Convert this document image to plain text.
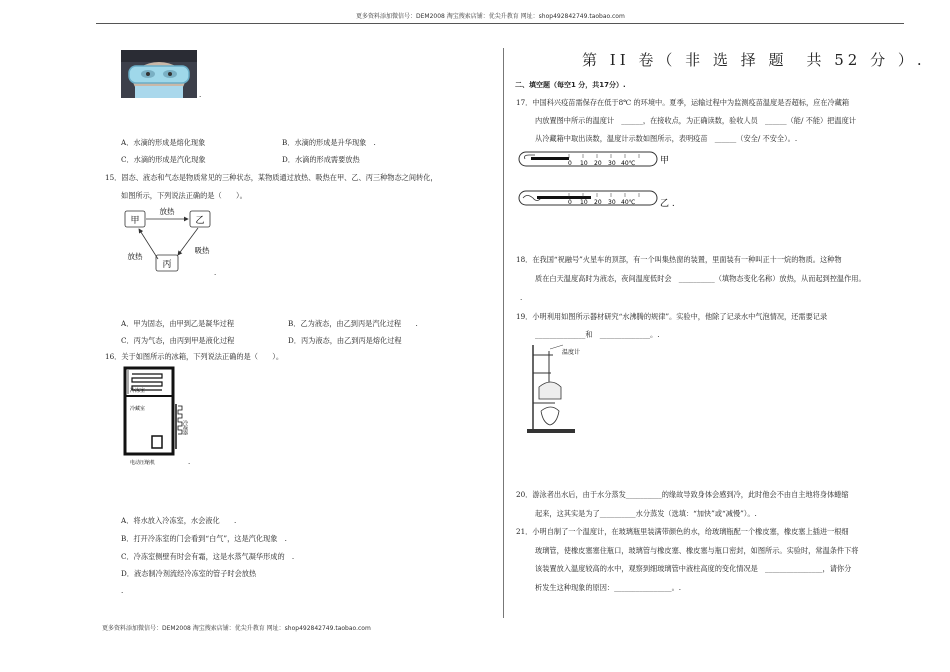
更多资料添加微信号：DEM2008 淘宝搜索店铺：优尖升教育 网址：shop492842749.taobao.com
更多资料添加微信号：DEM2008 淘宝搜索店铺：优尖升教育 网址：shop492842749.taobao.com
.
A．水滴的形成是熔化现象	B．水滴的形成是升华现象　.
C．水滴的形成是汽化现象	D．水滴的形成需要放热
15．固态、液态和气态是物质常见的三种状态，某物质通过放热、吸热在甲、乙、丙三种物态之间转化，
如图所示，下列说法正确的是（　　）。
甲	乙
丙
放热
吸热
放热
.
A．甲为固态，由甲到乙是凝华过程	B．乙为液态，由乙到丙是汽化过程　　.
C．丙为气态，由丙到甲是液化过程	D．丙为液态，由乙到丙是熔化过程
16．关于如图所示的冰箱，下列说法正确的是（　　）。
冷冻室
冷藏室
冷凝器
电动压缩机	.
A．将水放入冷冻室，水会液化　　.
B．打开冷冻室的门会看到“白气”，这是汽化现象　.
C．冷冻室侧壁有时会有霜，这是水蒸气凝华形成的　.
D．液态制冷剂流经冷冻室的管子时会放热
.
第 II 卷（ 非 选 择 题　共 52 分 ）.
二、填空题（每空1 分，共17分）.
17．中国科兴疫苗需保存在低于8℃ 的环境中。夏季，运输过程中为监测疫苗温度是否超标，应在冷藏箱
内放置图中所示的温度计　______，在接收点，为正确读数，验收人员　______（能/ 不能）把温度计
从冷藏箱中取出读数，温度计示数如图所示，表明疫苗　______（安全/ 不安全）。.
0 10 20 30 40℃	甲
0 10 20 30 40℃	乙 .
18．在我国“祝融号”火星车的顶部，有一个叫集热窗的装置，里面装有一种叫正十一烷的物质。这种物
质在白天温度高时为液态，夜间温度低时会　__________（填物态变化名称）放热，从而起到控温作用。
.
19．小明利用如图所示器材研究“水沸腾的规律”。实验中，他除了记录水中气泡情况，还需要记录
______________和　______________。.
温度计
20．游泳者出水后，由于水分蒸发__________的缘故导致身体会感到冷，此时他会不由自主地将身体蜷缩
起来，这其实是为了__________水分蒸发（选填：“加快”或“减慢”）。.
21．小明自制了一个温度计，在玻璃瓶里装满带颜色的水，给玻璃瓶配一个橡皮塞，橡皮塞上插进一根细
玻璃管，使橡皮塞塞住瓶口，玻璃管与橡皮塞、橡皮塞与瓶口密封，如图所示。实验时，常温条件下将
该装置放入温度较高的水中，观察到细玻璃管中液柱高度的变化情况是　________________，请你分
析发生这种现象的原因：________________。.
